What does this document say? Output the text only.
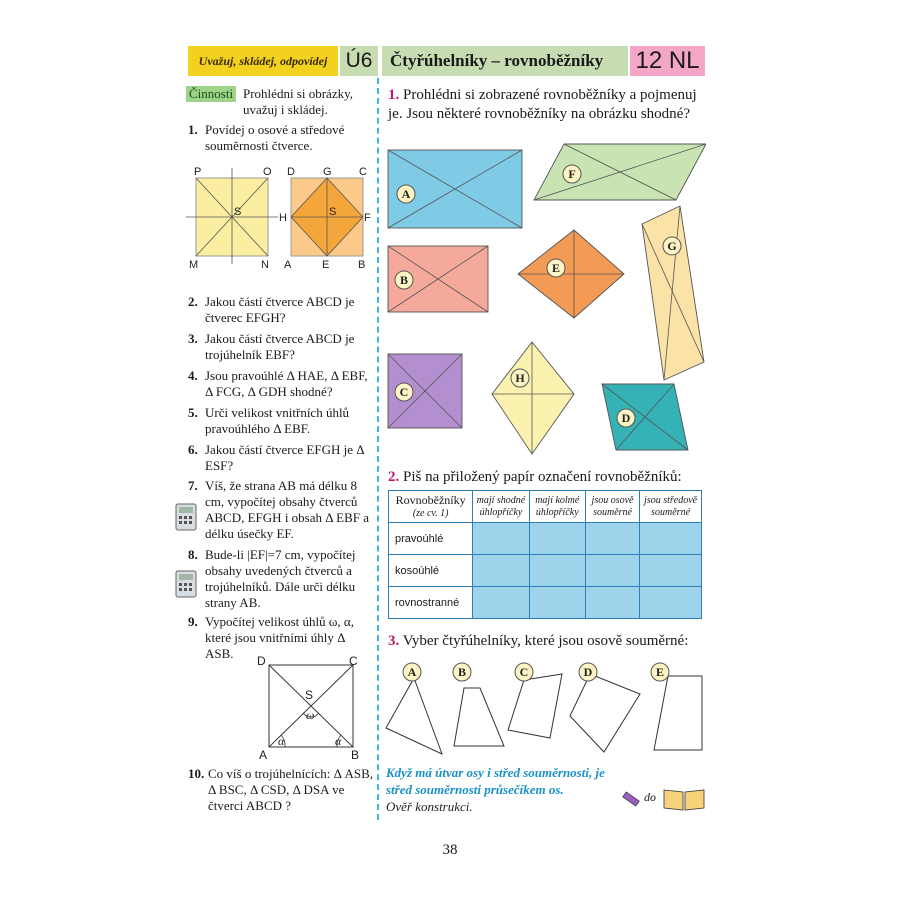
Uvažuj, skládej, odpovídej Ú6	Čtyřúhelníky – rovnoběžníky	12 NL
Činnosti Prohlédni si obrázky, uvažuj i skládej.
1. Povídej o osové a středové souměrnosti čtverce.
P	O
M	N
S
D	G C
H	S	F
A	E	B
2. Jakou částí čtverce ABCD je čtverec EFGH?
3. Jakou částí čtverce ABCD je trojúhelník EBF?
4. Jsou pravoúhlé Δ HAE, Δ EBF, Δ FCG, Δ GDH shodné?
5. Urči velikost vnitřních úhlů pravoúhlého Δ EBF.
6. Jakou částí čtverce EFGH je Δ ESF?
7. Víš, že strana AB má délku 8 cm, vypočítej obsahy čtverců ABCD, EFGH i obsah Δ EBF a délku úsečky EF.
8. Bude-li |EF|=7 cm, vypočítej obsahy uvedených čtverců a trojúhelníků. Dále urči délku strany AB.
9. Vypočítej velikost úhlů ω, α, které jsou vnitřními úhly Δ ASB.	D	C
S
A	B
ω
α	α
10. Co víš o trojúhelnících: Δ ASB, Δ BSC, Δ CSD, Δ DSA ve čtverci ABCD ?
1. Prohlédni si zobrazené rovnoběžníky a pojmenuj je. Jsou některé rovnoběžníky na obrázku shodné?
A
B
C
D
E
F
G
H
2. Piš na přiložený papír označení rovnoběžníků:
Rovnoběžníky
(ze cv. 1)	mají shodné úhlopříčky	mají kolmé úhlopříčky	jsou osově souměrné	jsou středově souměrné
pravoúhlé				
kosoúhlé				
rovnostranné				
3. Vyber čtyřúhelníky, které jsou osově souměrné:
A	B	C	D	E
Když má útvar osy i střed souměrnosti, je střed souměrnosti průsečíkem os.
Ověř konstrukci.
do
38
